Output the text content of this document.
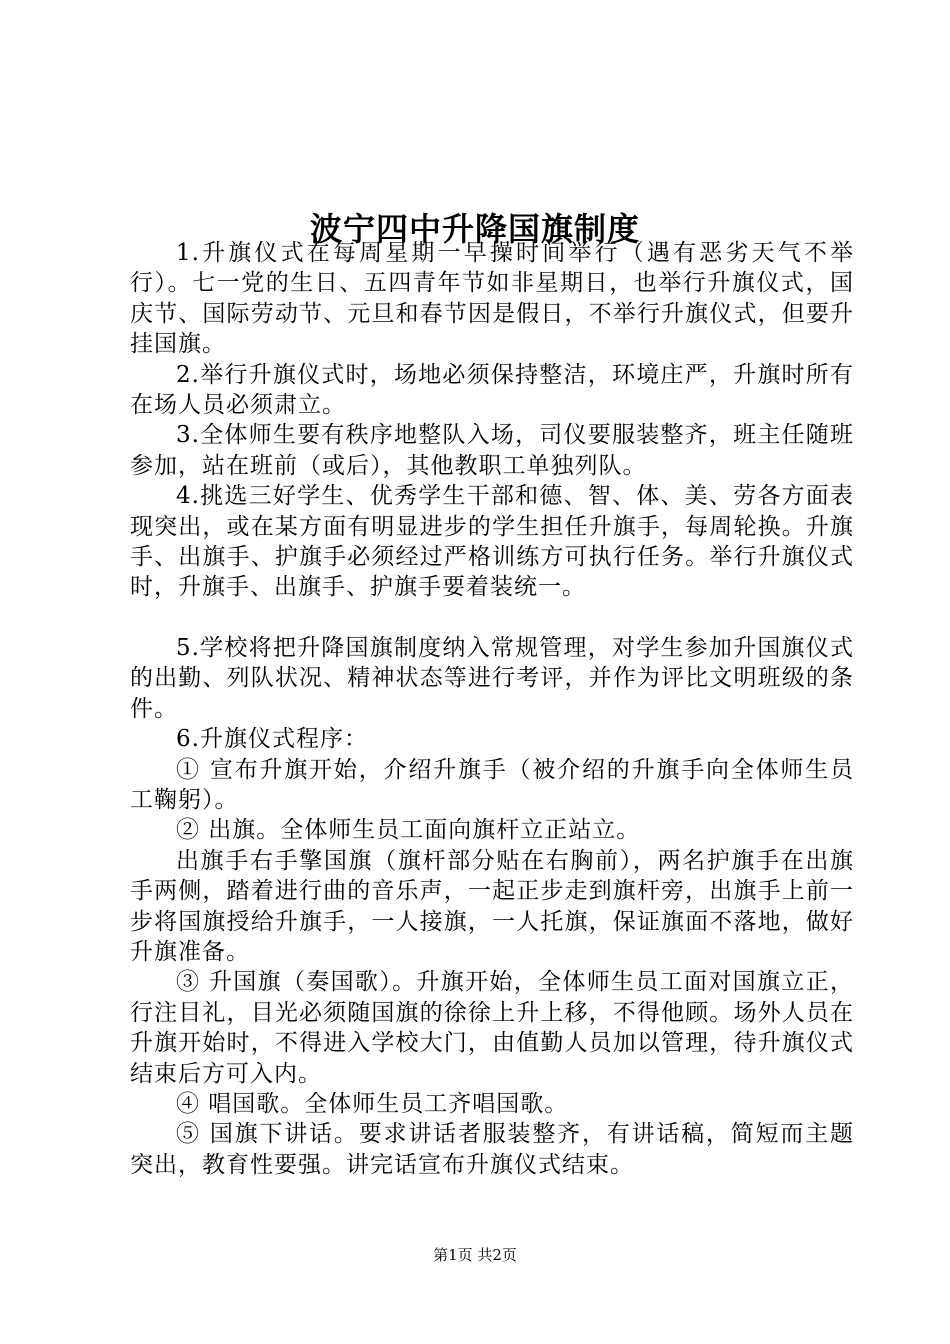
波宁四中升降国旗制度

1.升旗仪式在每周星期一早操时间举行（遇有恶劣天气不举行）。七一党的生日、五四青年节如非星期日，也举行升旗仪式，国庆节、国际劳动节、元旦和春节因是假日，不举行升旗仪式，但要升挂国旗。

2.举行升旗仪式时，场地必须保持整洁，环境庄严，升旗时所有在场人员必须肃立。

3.全体师生要有秩序地整队入场，司仪要服装整齐，班主任随班参加，站在班前（或后），其他教职工单独列队。

4.挑选三好学生、优秀学生干部和德、智、体、美、劳各方面表现突出，或在某方面有明显进步的学生担任升旗手，每周轮换。升旗手、出旗手、护旗手必须经过严格训练方可执行任务。举行升旗仪式时，升旗手、出旗手、护旗手要着装统一。

5.学校将把升降国旗制度纳入常规管理，对学生参加升国旗仪式的出勤、列队状况、精神状态等进行考评，并作为评比文明班级的条件。

6.升旗仪式程序：

① 宣布升旗开始，介绍升旗手（被介绍的升旗手向全体师生员工鞠躬）。

② 出旗。全体师生员工面向旗杆立正站立。

出旗手右手擎国旗（旗杆部分贴在右胸前），两名护旗手在出旗手两侧，踏着进行曲的音乐声，一起正步走到旗杆旁，出旗手上前一步将国旗授给升旗手，一人接旗，一人托旗，保证旗面不落地，做好升旗准备。

③ 升国旗（奏国歌）。升旗开始，全体师生员工面对国旗立正，行注目礼，目光必须随国旗的徐徐上升上移，不得他顾。场外人员在升旗开始时，不得进入学校大门，由值勤人员加以管理，待升旗仪式结束后方可入内。

④ 唱国歌。全体师生员工齐唱国歌。

⑤ 国旗下讲话。要求讲话者服装整齐，有讲话稿，简短而主题突出，教育性要强。讲完话宣布升旗仪式结束。

第1页 共2页
